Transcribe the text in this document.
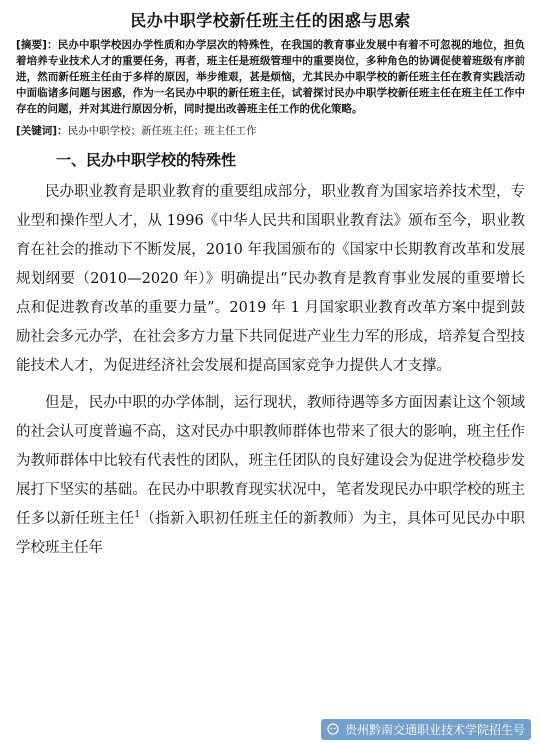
民办中职学校新任班主任的困惑与思索

[摘要]：民办中职学校因办学性质和办学层次的特殊性，在我国的教育事业发展中有着不可忽视的地位，担负着培养专业技术人才的重要任务，再者，班主任是班级管理中的重要岗位，多种角色的协调促使着班级有序前进，然而新任班主任由于多样的原因，举步维艰，甚是烦恼，尤其民办中职学校的新任班主任在教育实践活动中面临诸多问题与困惑，作为一名民办中职的新任班主任，试着探讨民办中职学校新任班主任在班主任工作中存在的问题，并对其进行原因分析，同时提出改善班主任工作的优化策略。

[关键词]：民办中职学校；新任班主任；班主任工作

一、民办中职学校的特殊性

民办职业教育是职业教育的重要组成部分，职业教育为国家培养技术型，专业型和操作型人才，从 1996《中华人民共和国职业教育法》颁布至今，职业教育在社会的推动下不断发展，2010 年我国颁布的《国家中长期教育改革和发展规划纲要（2010—2020 年）》明确提出“民办教育是教育事业发展的重要增长点和促进教育改革的重要力量”。2019 年 1 月国家职业教育改革方案中提到鼓励社会多元办学，在社会多方力量下共同促进产业生力军的形成，培养复合型技能技术人才，为促进经济社会发展和提高国家竞争力提供人才支撑。

但是，民办中职的办学体制，运行现状，教师待遇等多方面因素让这个领域的社会认可度普遍不高，这对民办中职教师群体也带来了很大的影响，班主任作为教师群体中比较有代表性的团队，班主任团队的良好建设会为促进学校稳步发展打下坚实的基础。在民办中职教育现实状况中，笔者发现民办中职学校的班主任多以新任班主任$^1$（指新入职初任班主任的新教师）为主，具体可见民办中职学校班主任年

贵州黔南交通职业技术学院招生号
